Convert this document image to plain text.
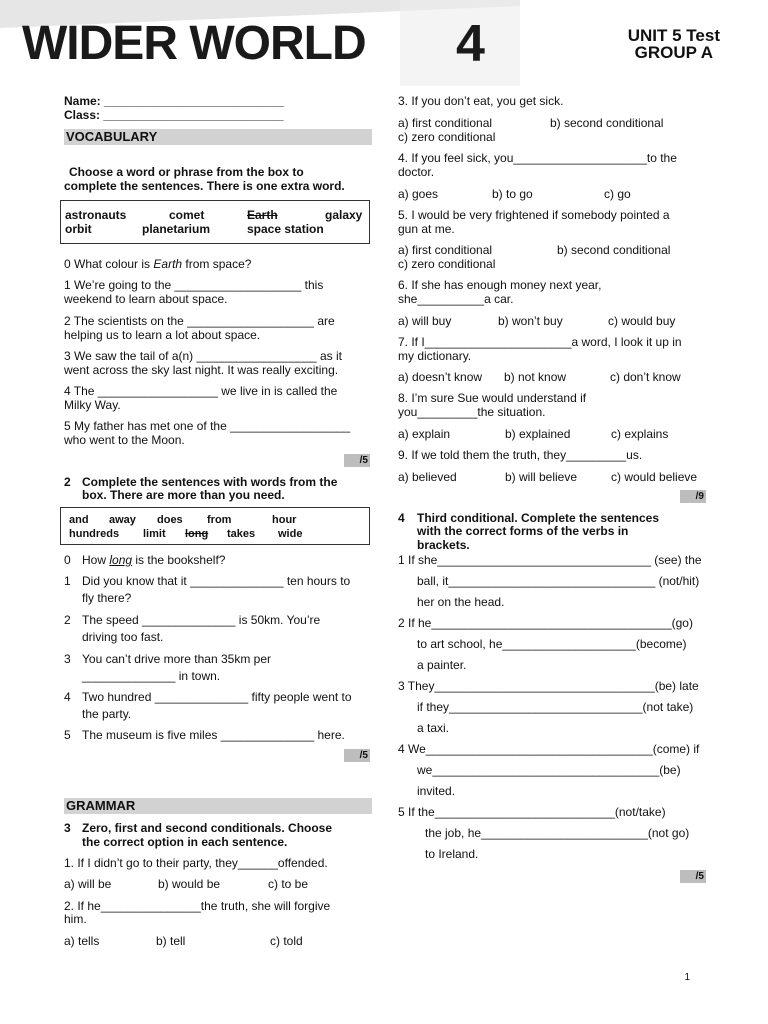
WIDER WORLD 4	UNIT 5 Test
GROUP A
Name: ___________________________
Class: ___________________________
VOCABULARY
Choose a word or phrase from the box to
complete the sentences. There is one extra word.
astronauts	comet	Earth	galaxy
orbit	planetarium	space station
0 What colour is Earth from space?
1 We’re going to the ___________________ this
weekend to learn about space.
2 The scientists on the ___________________ are
helping us to learn a lot about space.
3 We saw the tail of a(n) __________________ as it
went across the sky last night. It was really exciting.
4 The __________________ we live in is called the
Milky Way.
5 My father has met one of the __________________
who went to the Moon.
/5
2 Complete the sentences with words from the
box. There are more than you need.
and away does from	hour
hundreds limit long takes wide
0 How long is the bookshelf?
1 Did you know that it ______________ ten hours to
fly there?
2 The speed ______________ is 50km. You’re
driving too fast.
3 You can’t drive more than 35km per
______________ in town.
4 Two hundred ______________ fifty people went to
the party.
5 The museum is five miles ______________ here.
/5
GRAMMAR
3 Zero, first and second conditionals. Choose
the correct option in each sentence.
1. If I didn’t go to their party, they______offended.
a) will be	b) would be	c) to be
2. If he_______________the truth, she will forgive
him.
a) tells	b) tell	c) told
3. If you don’t eat, you get sick.
a) first conditional	b) second conditional
c) zero conditional
4. If you feel sick, you____________________to the
doctor.
a) goes	b) to go	c) go
5. I would be very frightened if somebody pointed a
gun at me.
a) first conditional	b) second conditional
c) zero conditional
6. If she has enough money next year,
she__________a car.
a) will buy	b) won’t buy	c) would buy
7. If I______________________a word, I look it up in
my dictionary.
a) doesn’t know b) not know	c) don’t know
8. I’m sure Sue would understand if
you_________the situation.
a) explain	b) explained	c) explains
9. If we told them the truth, they_________us.
a) believed	b) will believe	c) would believe
/9
4 Third conditional. Complete the sentences
with the correct forms of the verbs in
brackets.
1 If she________________________________ (see) the
ball, it_______________________________ (not/hit)
her on the head.
2 If he____________________________________(go)
to art school, he____________________(become)
a painter.
3 They_________________________________(be) late
if they_____________________________(not take)
a taxi.
4 We__________________________________(come) if
we__________________________________(be)
invited.
5 If the___________________________(not/take)
the job, he_________________________(not go)
to Ireland.
/5
1
